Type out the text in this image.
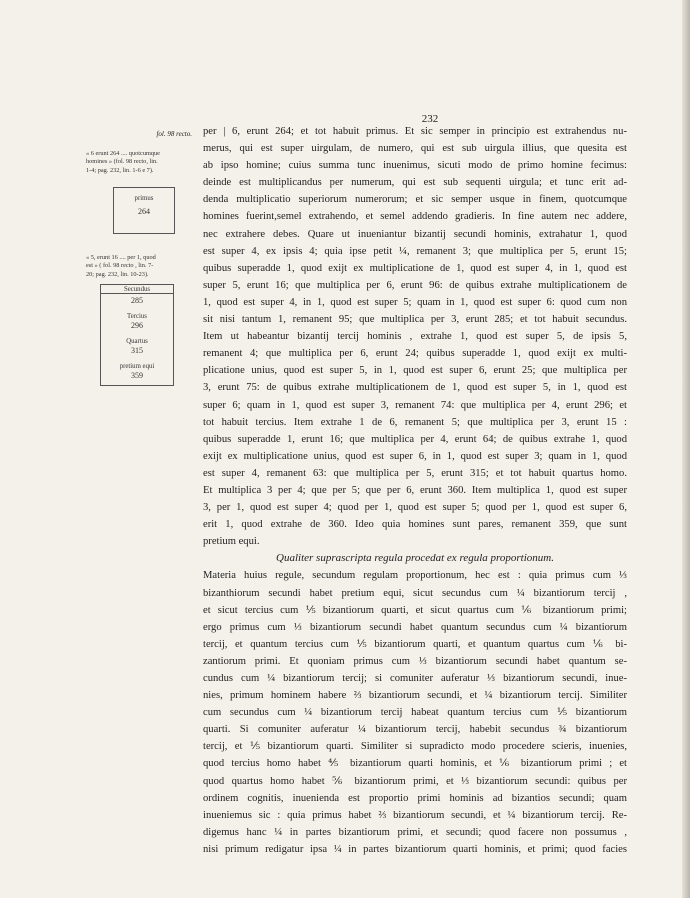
232
fol. 98 recto.
« 6 erunt 264 .... quotcumque
homines » (fol. 98 recto, lin.
1-4; pag. 232, lin. 1-6 e 7).
primus
264
« 5, erunt 16 .... per 1, quod
est » ( fol. 98 recto , lin. 7-
20; pag. 232, lin. 10-23).
Secundus
285
Tercius
296
Quartus
315
pretium equi
359
per | 6, erunt 264; et tot habuit primus. Et sic semper in principio est extrahendus nu-
merus, qui est super uirgulam, de numero, qui est sub uirgula illius, que quesita est
ab ipso homine; cuius summa tunc inuenimus, sicuti modo de primo homine fecimus:
deinde est multiplicandus per numerum, qui est sub sequenti uirgula; et tunc erit ad-
denda multiplicatio superiorum numerorum; et sic semper usque in finem, quotcumque
homines fuerint,semel extrahendo, et semel addendo gradieris. In fine autem nec addere,
nec extrahere debes. Quare ut inueniantur bizantij secundi hominis, extrahatur 1, quod
est super 4, ex ipsis 4; quia ipse petit ¼, remanent 3; que multiplica per 5, erunt 15;
quibus superadde 1, quod exijt ex multiplicatione de 1, quod est super 4, in 1, quod est
super 5, erunt 16; que multiplica per 6, erunt 96: de quibus extrahe multiplicationem de
1, quod est super 4, in 1, quod est super 5; quam in 1, quod est super 6: quod cum non
sit nisi tantum 1, remanent 95; que multiplica per 3, erunt 285; et tot habuit secundus.
Item ut habeantur bizantij tercij hominis , extrahe 1, quod est super 5, de ipsis 5,
remanent 4; que multiplica per 6, erunt 24; quibus superadde 1, quod exijt ex multi-
plicatione unius, quod est super 5, in 1, quod est super 6, erunt 25; que multiplica per
3, erunt 75: de quibus extrahe multiplicationem de 1, quod est super 5, in 1, quod est
super 6; quam in 1, quod est super 3, remanent 74: que multiplica per 4, erunt 296; et
tot habuit tercius. Item extrahe 1 de 6, remanent 5; que multiplica per 3, erunt 15 :
quibus superadde 1, erunt 16; que multiplica per 4, erunt 64; de quibus extrahe 1, quod
exijt ex multiplicatione unius, quod est super 6, in 1, quod est super 3; quam in 1, quod
est super 4, remanent 63: que multiplica per 5, erunt 315; et tot habuit quartus homo.
Et multiplica 3 per 4; que per 5; que per 6, erunt 360. Item multiplica 1, quod est super
3, per 1, quod est super 4; quod per 1, quod est super 5; quod per 1, quod est super 6,
erit 1, quod extrahe de 360. Ideo quia homines sunt pares, remanent 359, que sunt
pretium equi.
Qualiter suprascripta regula procedat ex regula proportionum.
Materia huius regule, secundum regulam proportionum, hec est : quia primus cum ⅓
bizanthiorum secundi habet pretium equi, sicut secundus cum ¼ bizantiorum tercij ,
et sicut tercius cum ⅕ bizantiorum quarti, et sicut quartus cum ⅙ bizantiorum primi;
ergo primus cum ⅓ bizantiorum secundi habet quantum secundus cum ¼ bizantiorum
tercij, et quantum tercius cum ⅕ bizantiorum quarti, et quantum quartus cum ⅙ bi-
zantiorum primi. Et quoniam primus cum ⅓ bizantiorum secundi habet quantum se-
cundus cum ¼ bizantiorum tercij; si comuniter auferatur ⅓ bizantiorum secundi, inue-
nies, primum hominem habere ⅔ bizantiorum secundi, et ¼ bizantiorum tercij. Similiter
cum secundus cum ¼ bizantiorum tercij habeat quantum tercius cum ⅕ bizantiorum
quarti. Si comuniter auferatur ¼ bizantiorum tercij, habebit secundus ¾ bizantiorum
tercij, et ⅕ bizantiorum quarti. Similiter si supradicto modo procedere scieris, inuenies,
quod tercius homo habet ⅘ bizantiorum quarti hominis, et ⅙ bizantiorum primi ; et
quod quartus homo habet ⅚ bizantiorum primi, et ⅓ bizantiorum secundi: quibus per
ordinem cognitis, inuenienda est proportio primi hominis ad bizantios secundi; quam
inueniemus sic : quia primus habet ⅔ bizantiorum secundi, et ¼ bizantiorum tercij. Re-
digemus hanc ¼ in partes bizantiorum primi, et secundi; quod facere non possumus ,
nisi primum redigatur ipsa ¼ in partes bizantiorum quarti hominis, et primi; quod facies
